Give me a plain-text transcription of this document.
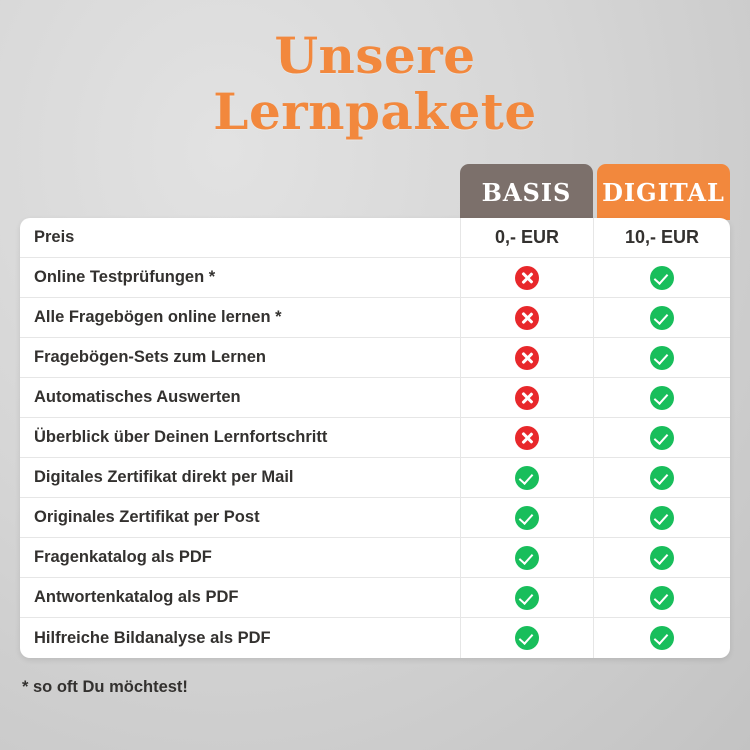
Unsere
Lernpakete
BASIS DIGITAL
Preis	0,- EUR	10,- EUR
Online Testprüfungen *
Alle Fragebögen online lernen *
Fragebögen-Sets zum Lernen
Automatisches Auswerten
Überblick über Deinen Lernfortschritt
Digitales Zertifikat direkt per Mail
Originales Zertifikat per Post
Fragenkatalog als PDF
Antwortenkatalog als PDF
Hilfreiche Bildanalyse als PDF
* so oft Du möchtest!
